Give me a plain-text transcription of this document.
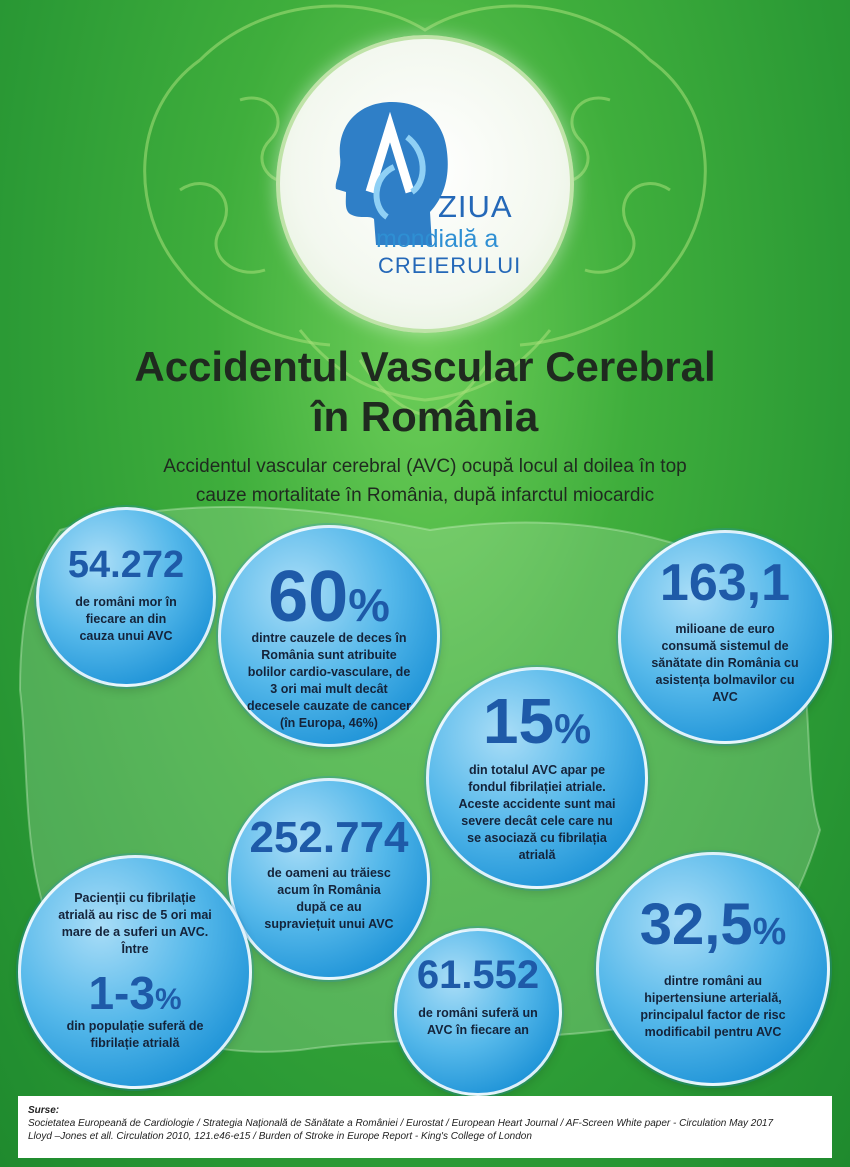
ZIUA
mondială a
CREIERULUI
Accidentul Vascular Cerebral
în România
Accidentul vascular cerebral (AVC) ocupă locul al doilea în top
cauze mortalitate în România, după infarctul miocardic
54.272
de români mor în fiecare an din cauza unui AVC	60%
dintre cauzele de deces în România sunt atribuite bolilor cardio-vasculare, de 3 ori mai mult decât decesele cauzate de cancer (în Europa, 46%)
163,1
milioane de euro consumă sistemul de sănătate din România cu asistența bolmavilor cu AVC
15%
din totalul AVC apar pe fondul fibrilației atriale. Aceste accidente sunt mai severe decât cele care nu se asociază cu fibrilația atrială
252.774
de oameni au trăiesc acum în România după ce au supraviețuit unui AVC
Pacienții cu fibrilație atrială au risc de 5 ori mai mare de a suferi un AVC. Între
1-3%
din populație suferă de fibrilație atrială
61.552
de români suferă un AVC în fiecare an
32,5%
dintre români au hipertensiune arterială, principalul factor de risc modificabil pentru AVC
Surse:
Societatea Europeană de Cardiologie / Strategia Națională de Sănătate a României / Eurostat / European Heart Journal / AF-Screen White paper - Circulation May 2017
Lloyd –Jones et all. Circulation 2010, 121.e46-e15 / Burden of Stroke in Europe Report - King's College of London
